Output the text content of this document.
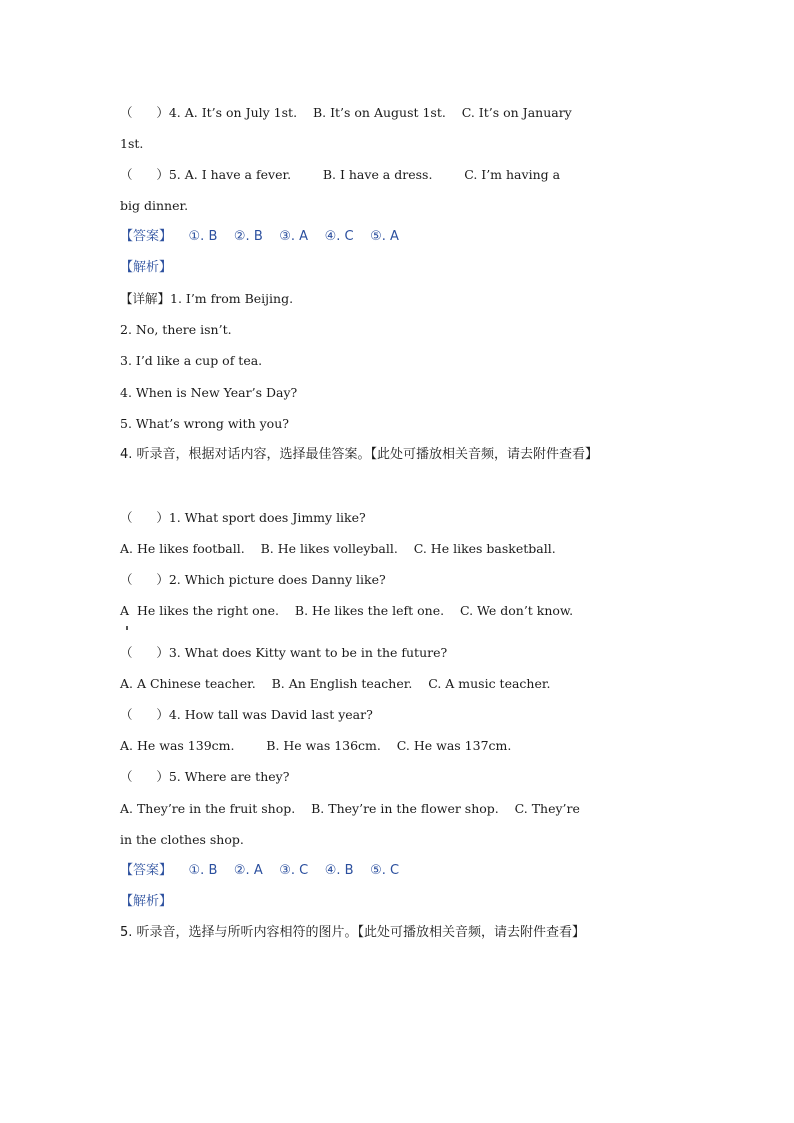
（      ）4. A. It’s on July 1st.    B. It’s on August 1st.    C. It’s on January
1st.
（      ）5. A. I have a fever.        B. I have a dress.        C. I’m having a
big dinner.
【答案】    ①. B    ②. B    ③. A    ④. C    ⑤. A
【解析】
【详解】1. I’m from Beijing.
2. No, there isn’t.
3. I’d like a cup of tea.
4. When is New Year’s Day?
5. What’s wrong with you?
4. 听录音，根据对话内容，选择最佳答案。【此处可播放相关音频，请去附件查看】
（      ）1. What sport does Jimmy like?
A. He likes football.    B. He likes volleyball.    C. He likes basketball.
（      ）2. Which picture does Danny like?
A  He likes the right one.    B. He likes the left one.    C. We don’t know.
（      ）3. What does Kitty want to be in the future?
A. A Chinese teacher.    B. An English teacher.    C. A music teacher.
（      ）4. How tall was David last year?
A. He was 139cm.        B. He was 136cm.    C. He was 137cm.
（      ）5. Where are they?
A. They’re in the fruit shop.    B. They’re in the flower shop.    C. They’re
in the clothes shop.
【答案】    ①. B    ②. A    ③. C    ④. B    ⑤. C
【解析】
5. 听录音，选择与所听内容相符的图片。【此处可播放相关音频，请去附件查看】
